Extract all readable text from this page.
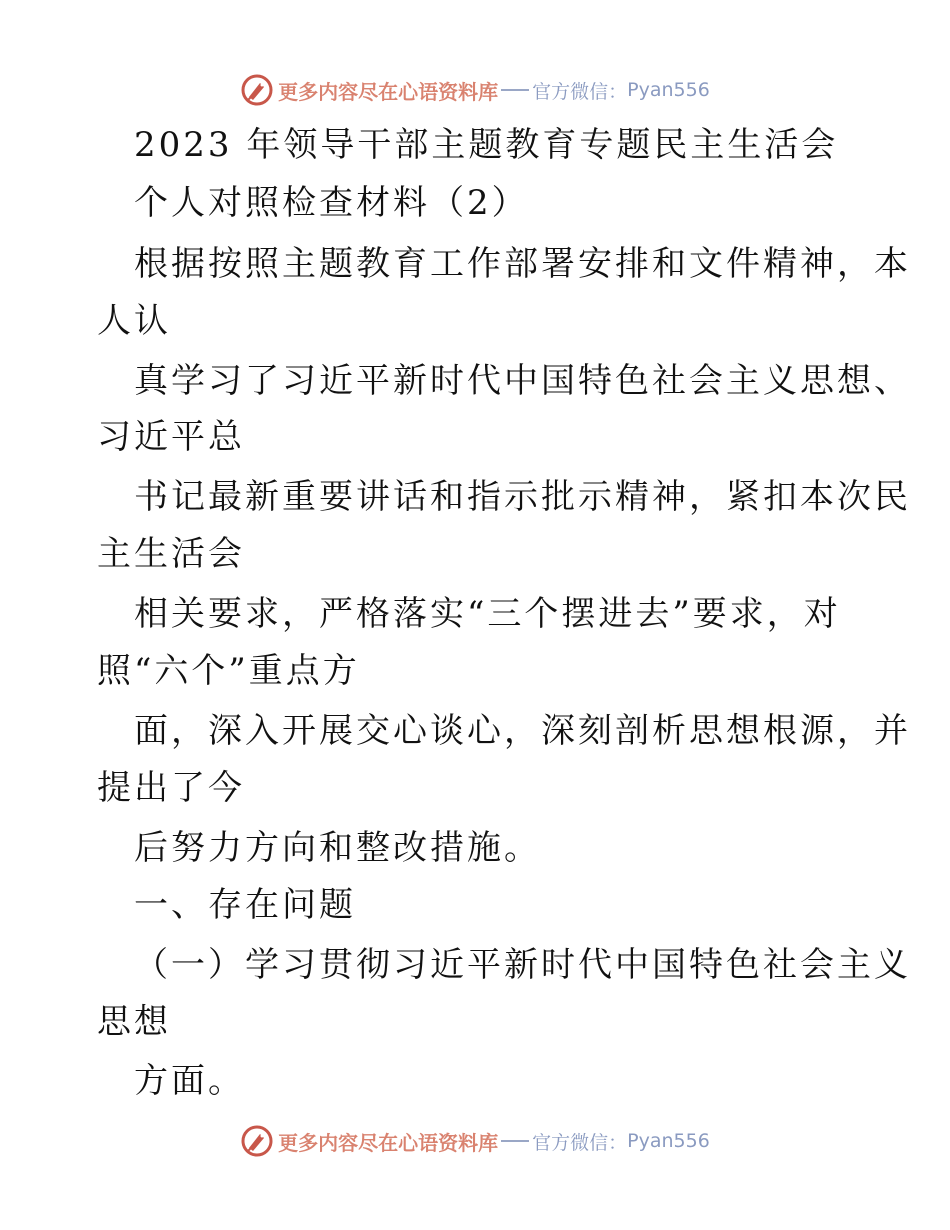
更多内容尽在心语资料库 官方微信： Pyan556
2023 年领导干部主题教育专题民主生活会
个人对照检查材料（2）
根据按照主题教育工作部署安排和文件精神，本
人认
真学习了习近平新时代中国特色社会主义思想、
习近平总
书记最新重要讲话和指示批示精神，紧扣本次民
主生活会
相关要求，严格落实“三个摆进去”要求，对
照“六个”重点方
面，深入开展交心谈心，深刻剖析思想根源，并
提出了今
后努力方向和整改措施。
一、存在问题
（一）学习贯彻习近平新时代中国特色社会主义
思想
方面。
更多内容尽在心语资料库 官方微信： Pyan556
